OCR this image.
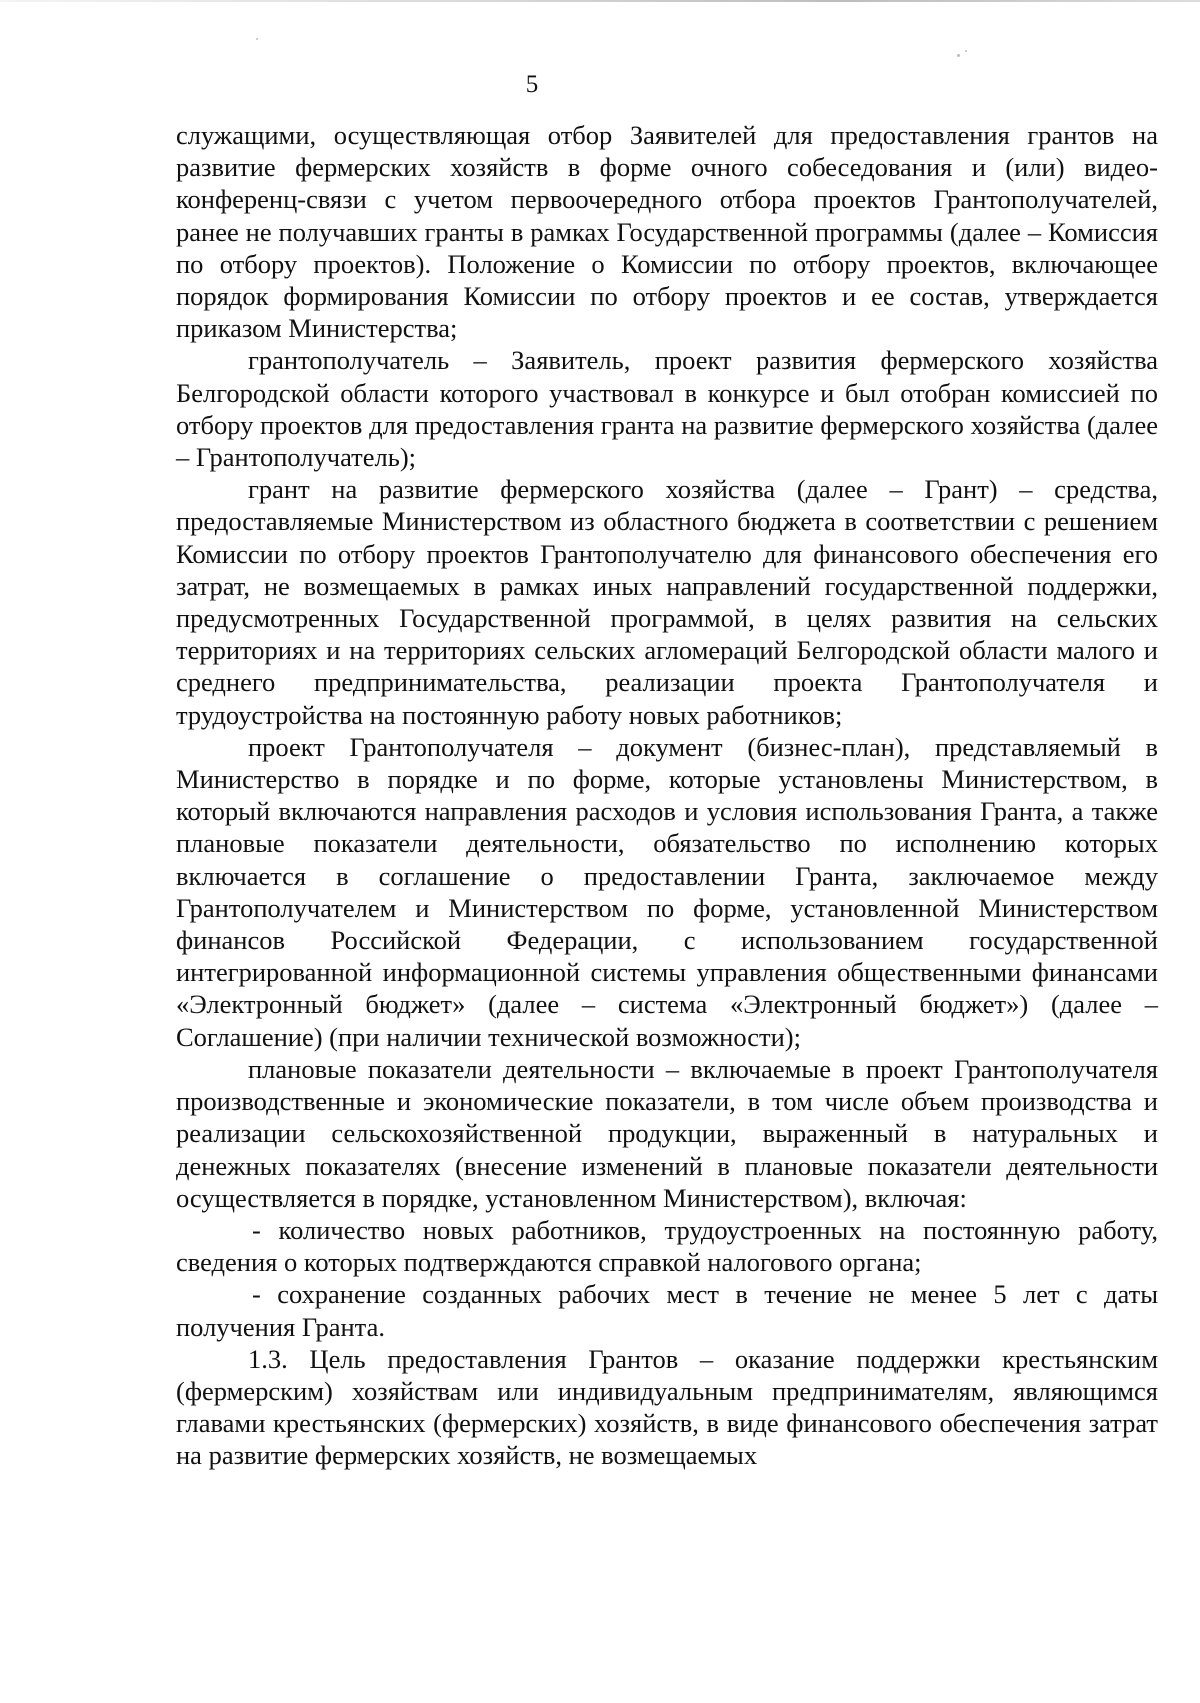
5

служащими, осуществляющая отбор Заявителей для предоставления грантов на развитие фермерских хозяйств в форме очного собеседования и (или) видео-конференц-связи с учетом первоочередного отбора проектов Грантополучателей, ранее не получавших гранты в рамках Государственной программы (далее – Комиссия по отбору проектов). Положение о Комиссии по отбору проектов, включающее порядок формирования Комиссии по отбору проектов и ее состав, утверждается приказом Министерства;

грантополучатель – Заявитель, проект развития фермерского хозяйства Белгородской области которого участвовал в конкурсе и был отобран комиссией по отбору проектов для предоставления гранта на развитие фермерского хозяйства (далее – Грантополучатель);

грант на развитие фермерского хозяйства (далее – Грант) – средства, предоставляемые Министерством из областного бюджета в соответствии с решением Комиссии по отбору проектов Грантополучателю для финансового обеспечения его затрат, не возмещаемых в рамках иных направлений государственной поддержки, предусмотренных Государственной программой, в целях развития на сельских территориях и на территориях сельских агломераций Белгородской области малого и среднего предпринимательства, реализации проекта Грантополучателя и трудоустройства на постоянную работу новых работников;

проект Грантополучателя – документ (бизнес-план), представляемый в Министерство в порядке и по форме, которые установлены Министерством, в который включаются направления расходов и условия использования Гранта, а также плановые показатели деятельности, обязательство по исполнению которых включается в соглашение о предоставлении Гранта, заключаемое между Грантополучателем и Министерством по форме, установленной Министерством финансов Российской Федерации, с использованием государственной интегрированной информационной системы управления общественными финансами «Электронный бюджет» (далее – система «Электронный бюджет») (далее – Соглашение) (при наличии технической возможности);

плановые показатели деятельности – включаемые в проект Грантополучателя производственные и экономические показатели, в том числе объем производства и реализации сельскохозяйственной продукции, выраженный в натуральных и денежных показателях (внесение изменений в плановые показатели деятельности осуществляется в порядке, установленном Министерством), включая:

- количество новых работников, трудоустроенных на постоянную работу, сведения о которых подтверждаются справкой налогового органа;

- сохранение созданных рабочих мест в течение не менее 5 лет с даты получения Гранта.

1.3. Цель предоставления Грантов – оказание поддержки крестьянским (фермерским) хозяйствам или индивидуальным предпринимателям, являющимся главами крестьянских (фермерских) хозяйств, в виде финансового обеспечения затрат на развитие фермерских хозяйств, не возмещаемых
